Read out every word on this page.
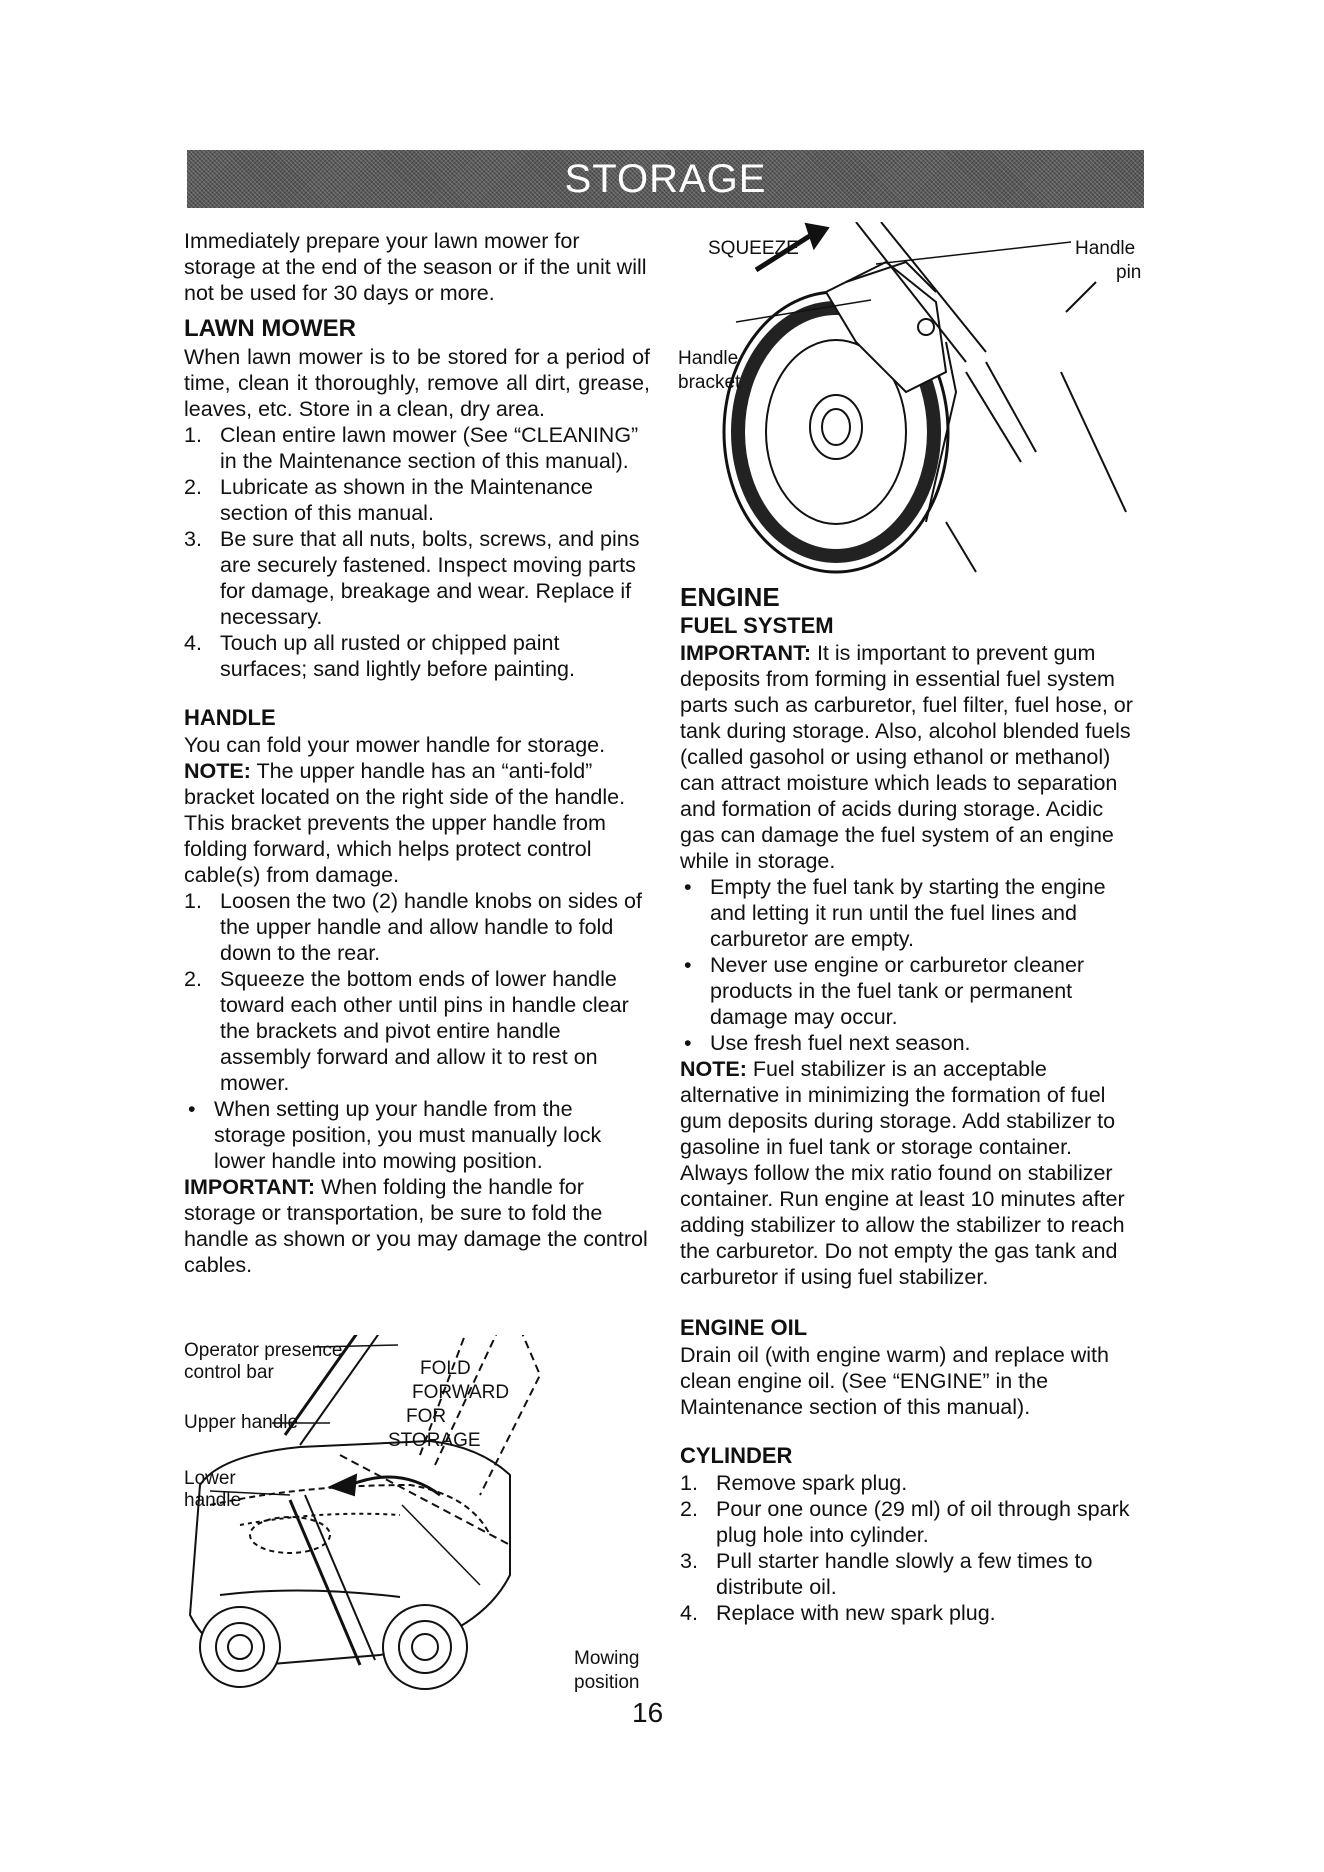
STORAGE

Immediately prepare your lawn mower for storage at the end of the season or if the unit will not be used for 30 days or more.

LAWN MOWER

When lawn mower is to be stored for a period of time, clean it thoroughly, remove all dirt, grease, leaves, etc. Store in a clean, dry area.

1. Clean entire lawn mower (See “CLEANING” in the Maintenance section of this manual).
2. Lubricate as shown in the Maintenance section of this manual.
3. Be sure that all nuts, bolts, screws, and pins are securely fastened. Inspect moving parts for damage, breakage and wear. Replace if necessary.
4. Touch up all rusted or chipped paint surfaces; sand lightly before painting.

HANDLE

You can fold your mower handle for storage.

NOTE: The upper handle has an “anti-fold” bracket located on the right side of the handle. This bracket prevents the upper handle from folding forward, which helps protect control cable(s) from damage.

1. Loosen the two (2) handle knobs on sides of the upper handle and allow handle to fold down to the rear.
2. Squeeze the bottom ends of lower handle toward each other until pins in handle clear the brackets and pivot entire handle assembly forward and allow it to rest on mower.
• When setting up your handle from the storage position, you must manually lock lower handle into mowing position.

IMPORTANT: When folding the handle for storage or transportation, be sure to fold the handle as shown or you may damage the control cables.

Operator presence control bar
Upper handle
Lower handle
FOLD
FORWARD
FOR
STORAGE
Mowing
position
SQUEEZE	Handle
pin
Handle
bracket

ENGINE

FUEL SYSTEM

IMPORTANT: It is important to prevent gum deposits from forming in essential fuel system parts such as carburetor, fuel filter, fuel hose, or tank during storage. Also, alcohol blended fuels (called gasohol or using ethanol or methanol) can attract moisture which leads to separation and formation of acids during storage. Acidic gas can damage the fuel system of an engine while in storage.

• Empty the fuel tank by starting the engine and letting it run until the fuel lines and carburetor are empty.
• Never use engine or carburetor cleaner products in the fuel tank or permanent damage may occur.
• Use fresh fuel next season.

NOTE: Fuel stabilizer is an acceptable alternative in minimizing the formation of fuel gum deposits during storage. Add stabilizer to gasoline in fuel tank or storage container. Always follow the mix ratio found on stabilizer container. Run engine at least 10 minutes after adding stabilizer to allow the stabilizer to reach the carburetor. Do not empty the gas tank and carburetor if using fuel stabilizer.

ENGINE OIL

Drain oil (with engine warm) and replace with clean engine oil. (See “ENGINE” in the Maintenance section of this manual).

CYLINDER

1. Remove spark plug.
2. Pour one ounce (29 ml) of oil through spark plug hole into cylinder.
3. Pull starter handle slowly a few times to distribute oil.
4. Replace with new spark plug.
16
